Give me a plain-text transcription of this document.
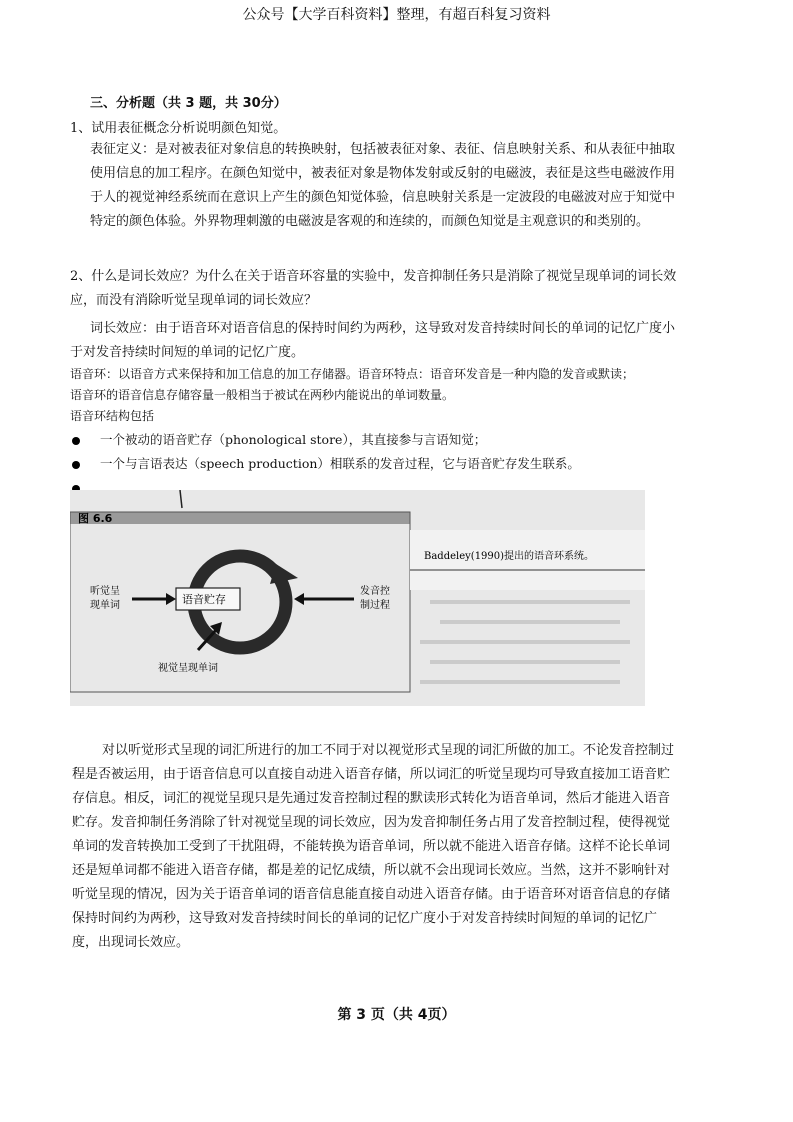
公众号【大学百科资料】整理，有超百科复习资料
三、分析题（共 3 题，共 30分）
1、试用表征概念分析说明颜色知觉。
表征定义：是对被表征对象信息的转换映射，包括被表征对象、表征、信息映射关系、和从表征中抽取
使用信息的加工程序。在颜色知觉中，被表征对象是物体发射或反射的电磁波，表征是这些电磁波作用
于人的视觉神经系统而在意识上产生的颜色知觉体验，信息映射关系是一定波段的电磁波对应于知觉中
特定的颜色体验。外界物理刺激的电磁波是客观的和连续的，而颜色知觉是主观意识的和类别的。
2、什么是词长效应？为什么在关于语音环容量的实验中，发音抑制任务只是消除了视觉呈现单词的词长效
应，而没有消除听觉呈现单词的词长效应？
词长效应：由于语音环对语音信息的保持时间约为两秒，这导致对发音持续时间长的单词的记忆广度小
于对发音持续时间短的单词的记忆广度。
语音环：以语音方式来保持和加工信息的加工存储器。语音环特点：语音环发音是一种内隐的发音或默读；
语音环的语音信息存储容量一般相当于被试在两秒内能说出的单词数量。
语音环结构包括
一个被动的语音贮存（phonological store），其直接参与言语知觉；
一个与言语表达（speech production）相联系的发音过程，它与语音贮存发生联系。
图 6.6
Baddeley(1990)提出的语音环系统。
语音贮存
听觉呈
现单词
发音控
制过程
视觉呈现单词
对以听觉形式呈现的词汇所进行的加工不同于对以视觉形式呈现的词汇所做的加工。不论发音控制过
程是否被运用，由于语音信息可以直接自动进入语音存储，所以词汇的听觉呈现均可导致直接加工语音贮
存信息。相反，词汇的视觉呈现只是先通过发音控制过程的默读形式转化为语音单词，然后才能进入语音
贮存。发音抑制任务消除了针对视觉呈现的词长效应，因为发音抑制任务占用了发音控制过程，使得视觉
单词的发音转换加工受到了干扰阻碍，不能转换为语音单词，所以就不能进入语音存储。这样不论长单词
还是短单词都不能进入语音存储，都是差的记忆成绩，所以就不会出现词长效应。当然，这并不影响针对
听觉呈现的情况，因为关于语音单词的语音信息能直接自动进入语音存储。由于语音环对语音信息的存储
保持时间约为两秒，这导致对发音持续时间长的单词的记忆广度小于对发音持续时间短的单词的记忆广
度，出现词长效应。
第 3 页（共 4页）
